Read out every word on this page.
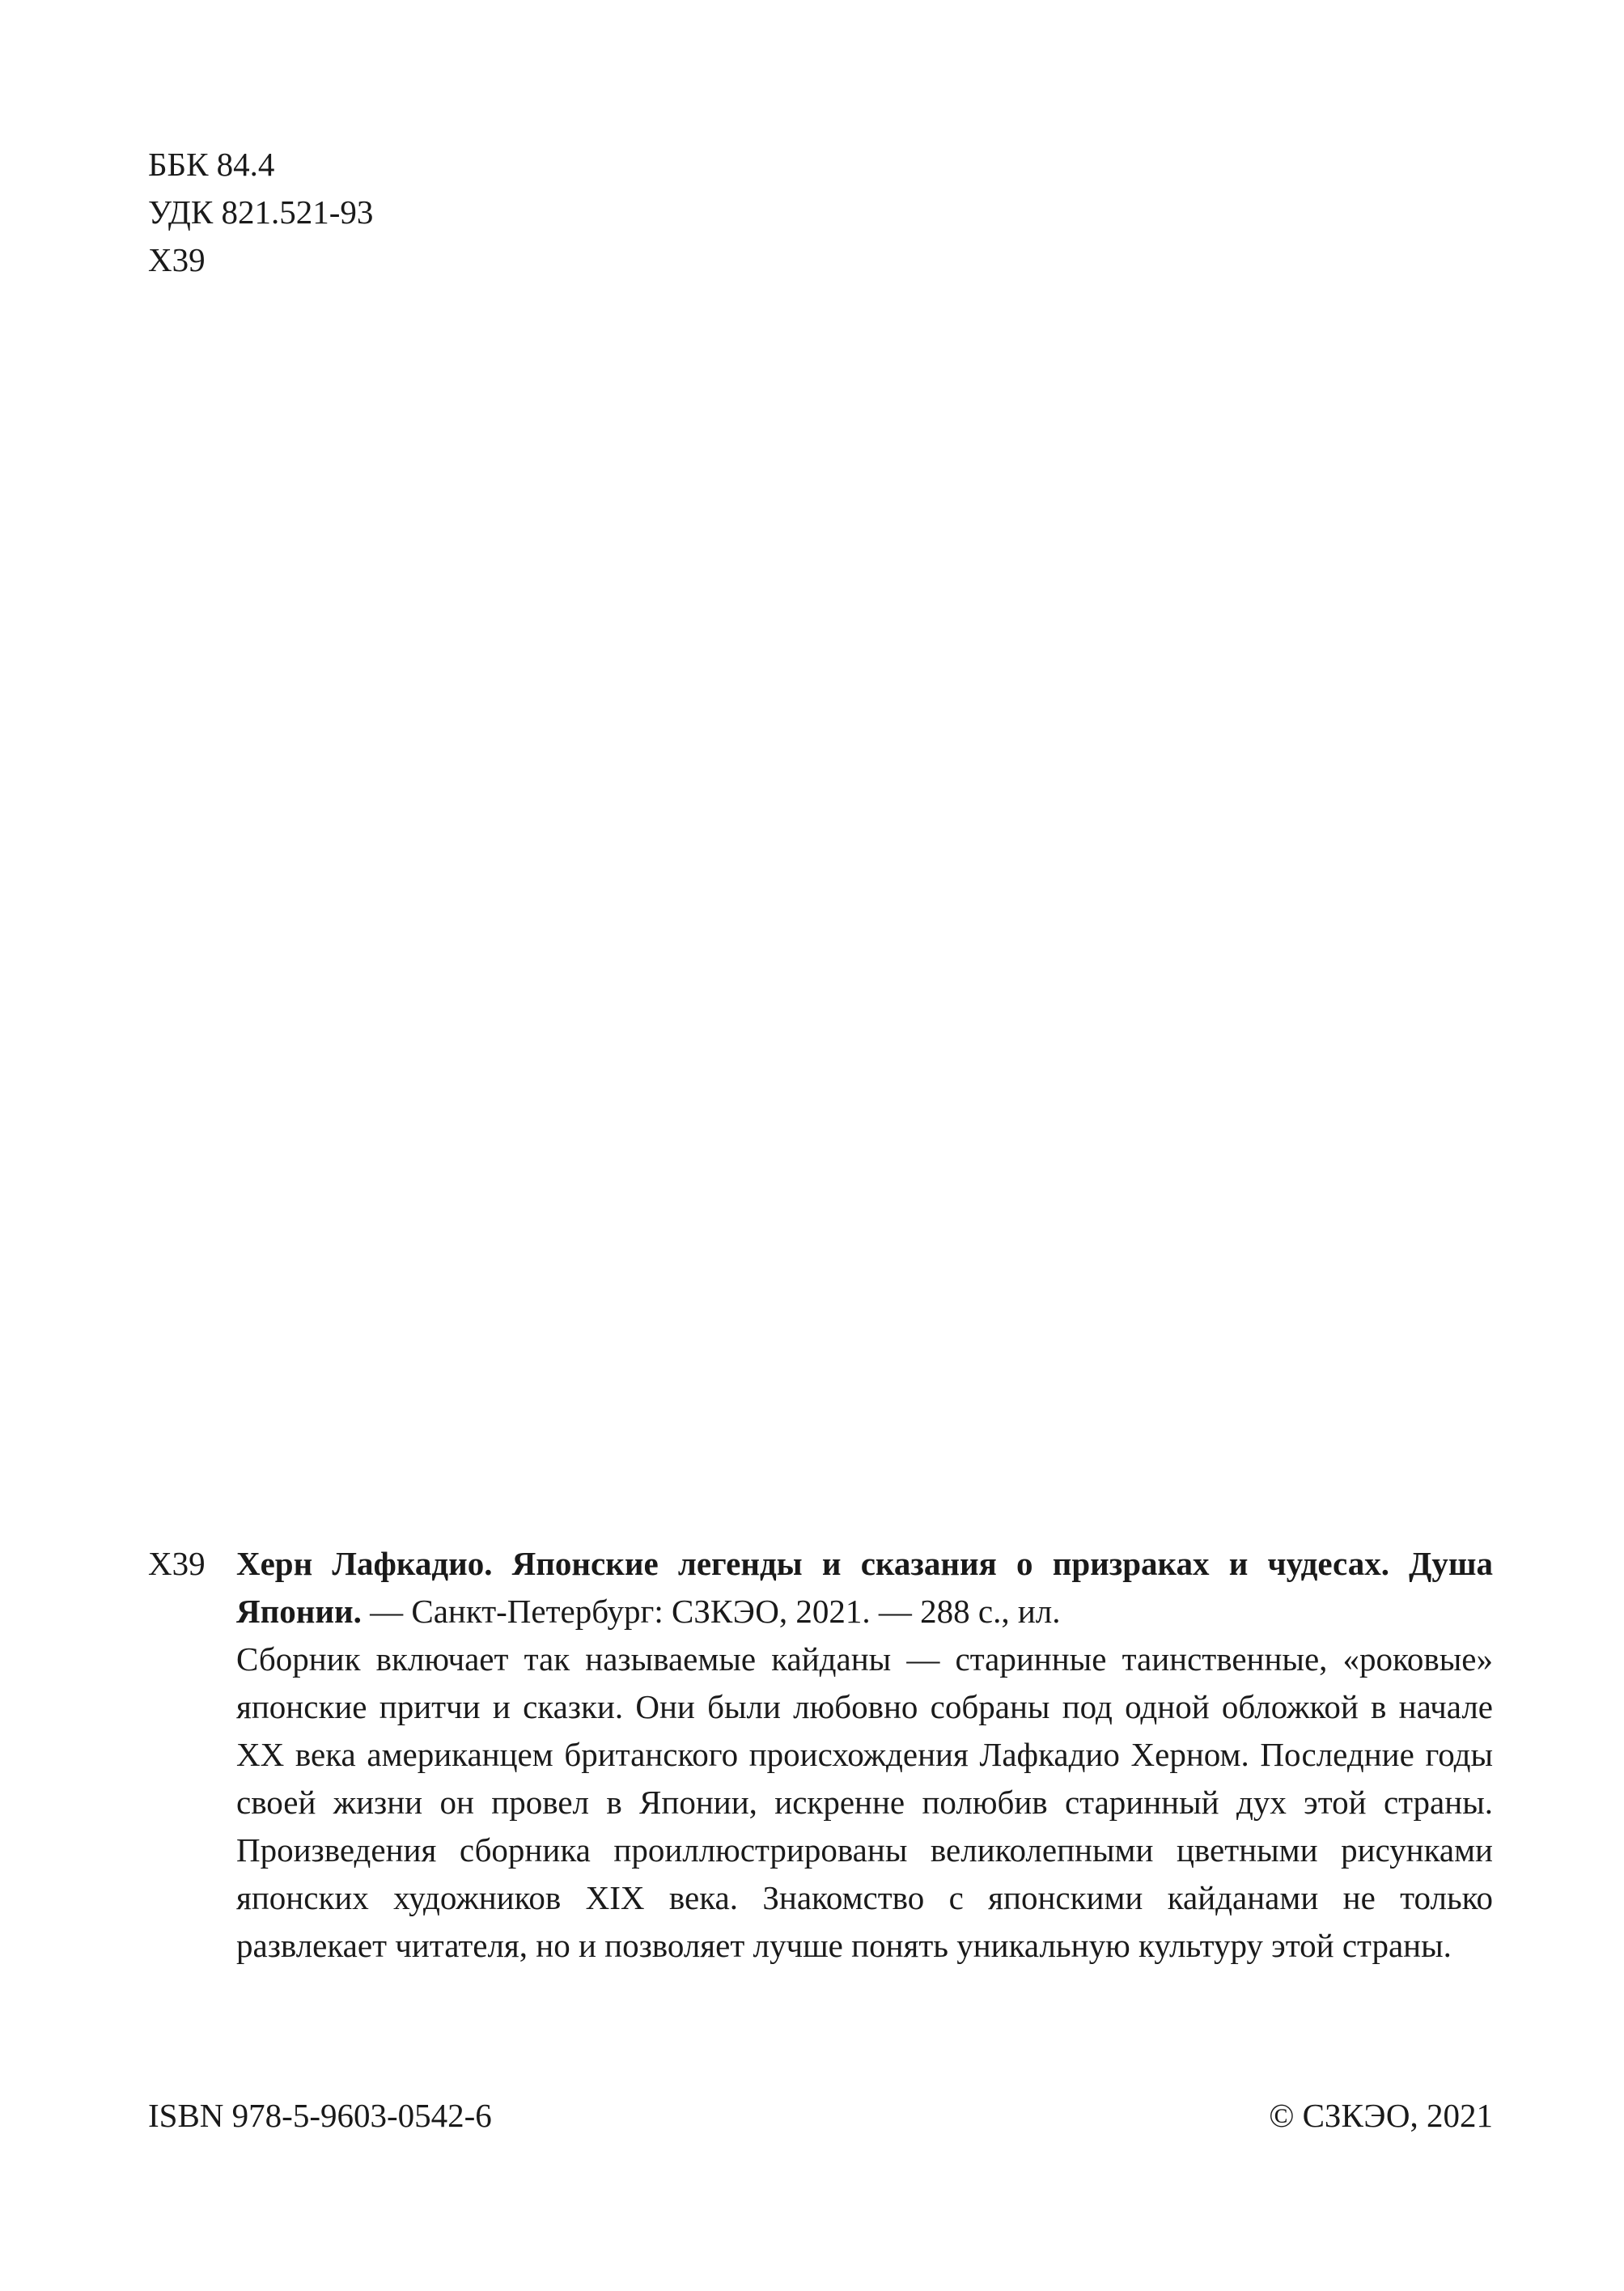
ББК 84.4
УДК 821.521-93
Х39
Х39 Херн Лафкадио. Японские легенды и сказания о призраках и чудесах. Душа Японии. — Санкт-Петербург: СЗКЭО, 2021. — 288 с., ил.

Сборник включает так называемые кайданы — старинные таинственные, «роковые» японские притчи и сказки. Они были любовно собраны под одной обложкой в начале XX века американцем британского происхождения Лафкадио Херном. Последние годы своей жизни он провел в Японии, искренне полюбив старинный дух этой страны. Произведения сборника проиллюстрированы великолепными цветными рисунками японских художников XIX века. Знакомство с японскими кайданами не только развлекает читателя, но и позволяет лучше понять уникальную культуру этой страны.

ISBN 978-5-9603-0542-6	© СЗКЭО, 2021
